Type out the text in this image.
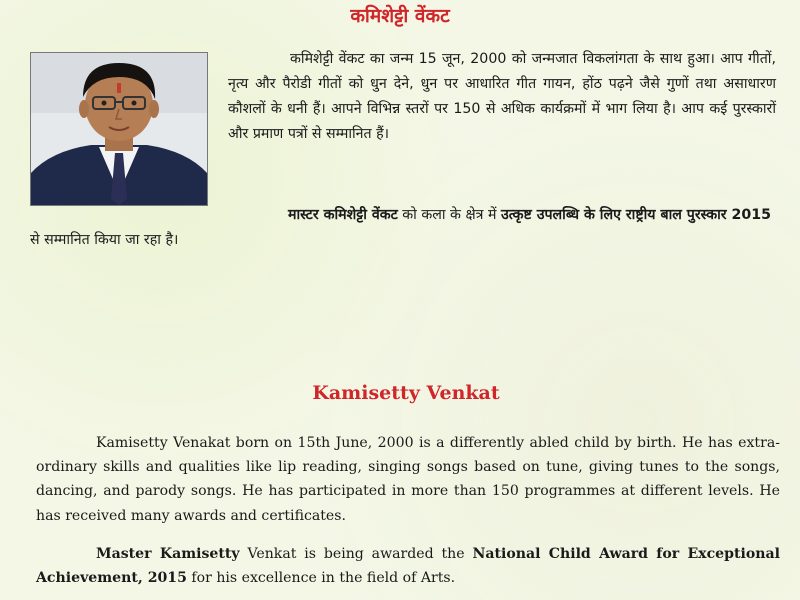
कमिशेट्टी वेंकट
कमिशेट्टी वेंकट का जन्म 15 जून, 2000 को जन्मजात विकलांगता के साथ हुआ। आप गीतों, नृत्य और पैरोडी गीतों को धुन देने, धुन पर आधारित गीत गायन, होंठ पढ़ने जैसे गुणों तथा असाधारण कौशलों के धनी हैं। आपने विभिन्न स्तरों पर 150 से अधिक कार्यक्रमों में भाग लिया है। आप कई पुरस्कारों और प्रमाण पत्रों से सम्मानित हैं।
मास्टर कमिशेट्टी वेंकट को कला के क्षेत्र में उत्कृष्ट उपलब्धि के लिए राष्ट्रीय बाल पुरस्कार 2015 से सम्मानित किया जा रहा है।
Kamisetty Venkat
Kamisetty Venakat born on 15th June, 2000 is a differently abled child by birth. He has extra-ordinary skills and qualities like lip reading, singing songs based on tune, giving tunes to the songs, dancing, and parody songs. He has participated in more than 150 programmes at different levels. He has received many awards and certificates.
Master Kamisetty Venkat is being awarded the National Child Award for Exceptional Achievement, 2015 for his excellence in the field of Arts.
